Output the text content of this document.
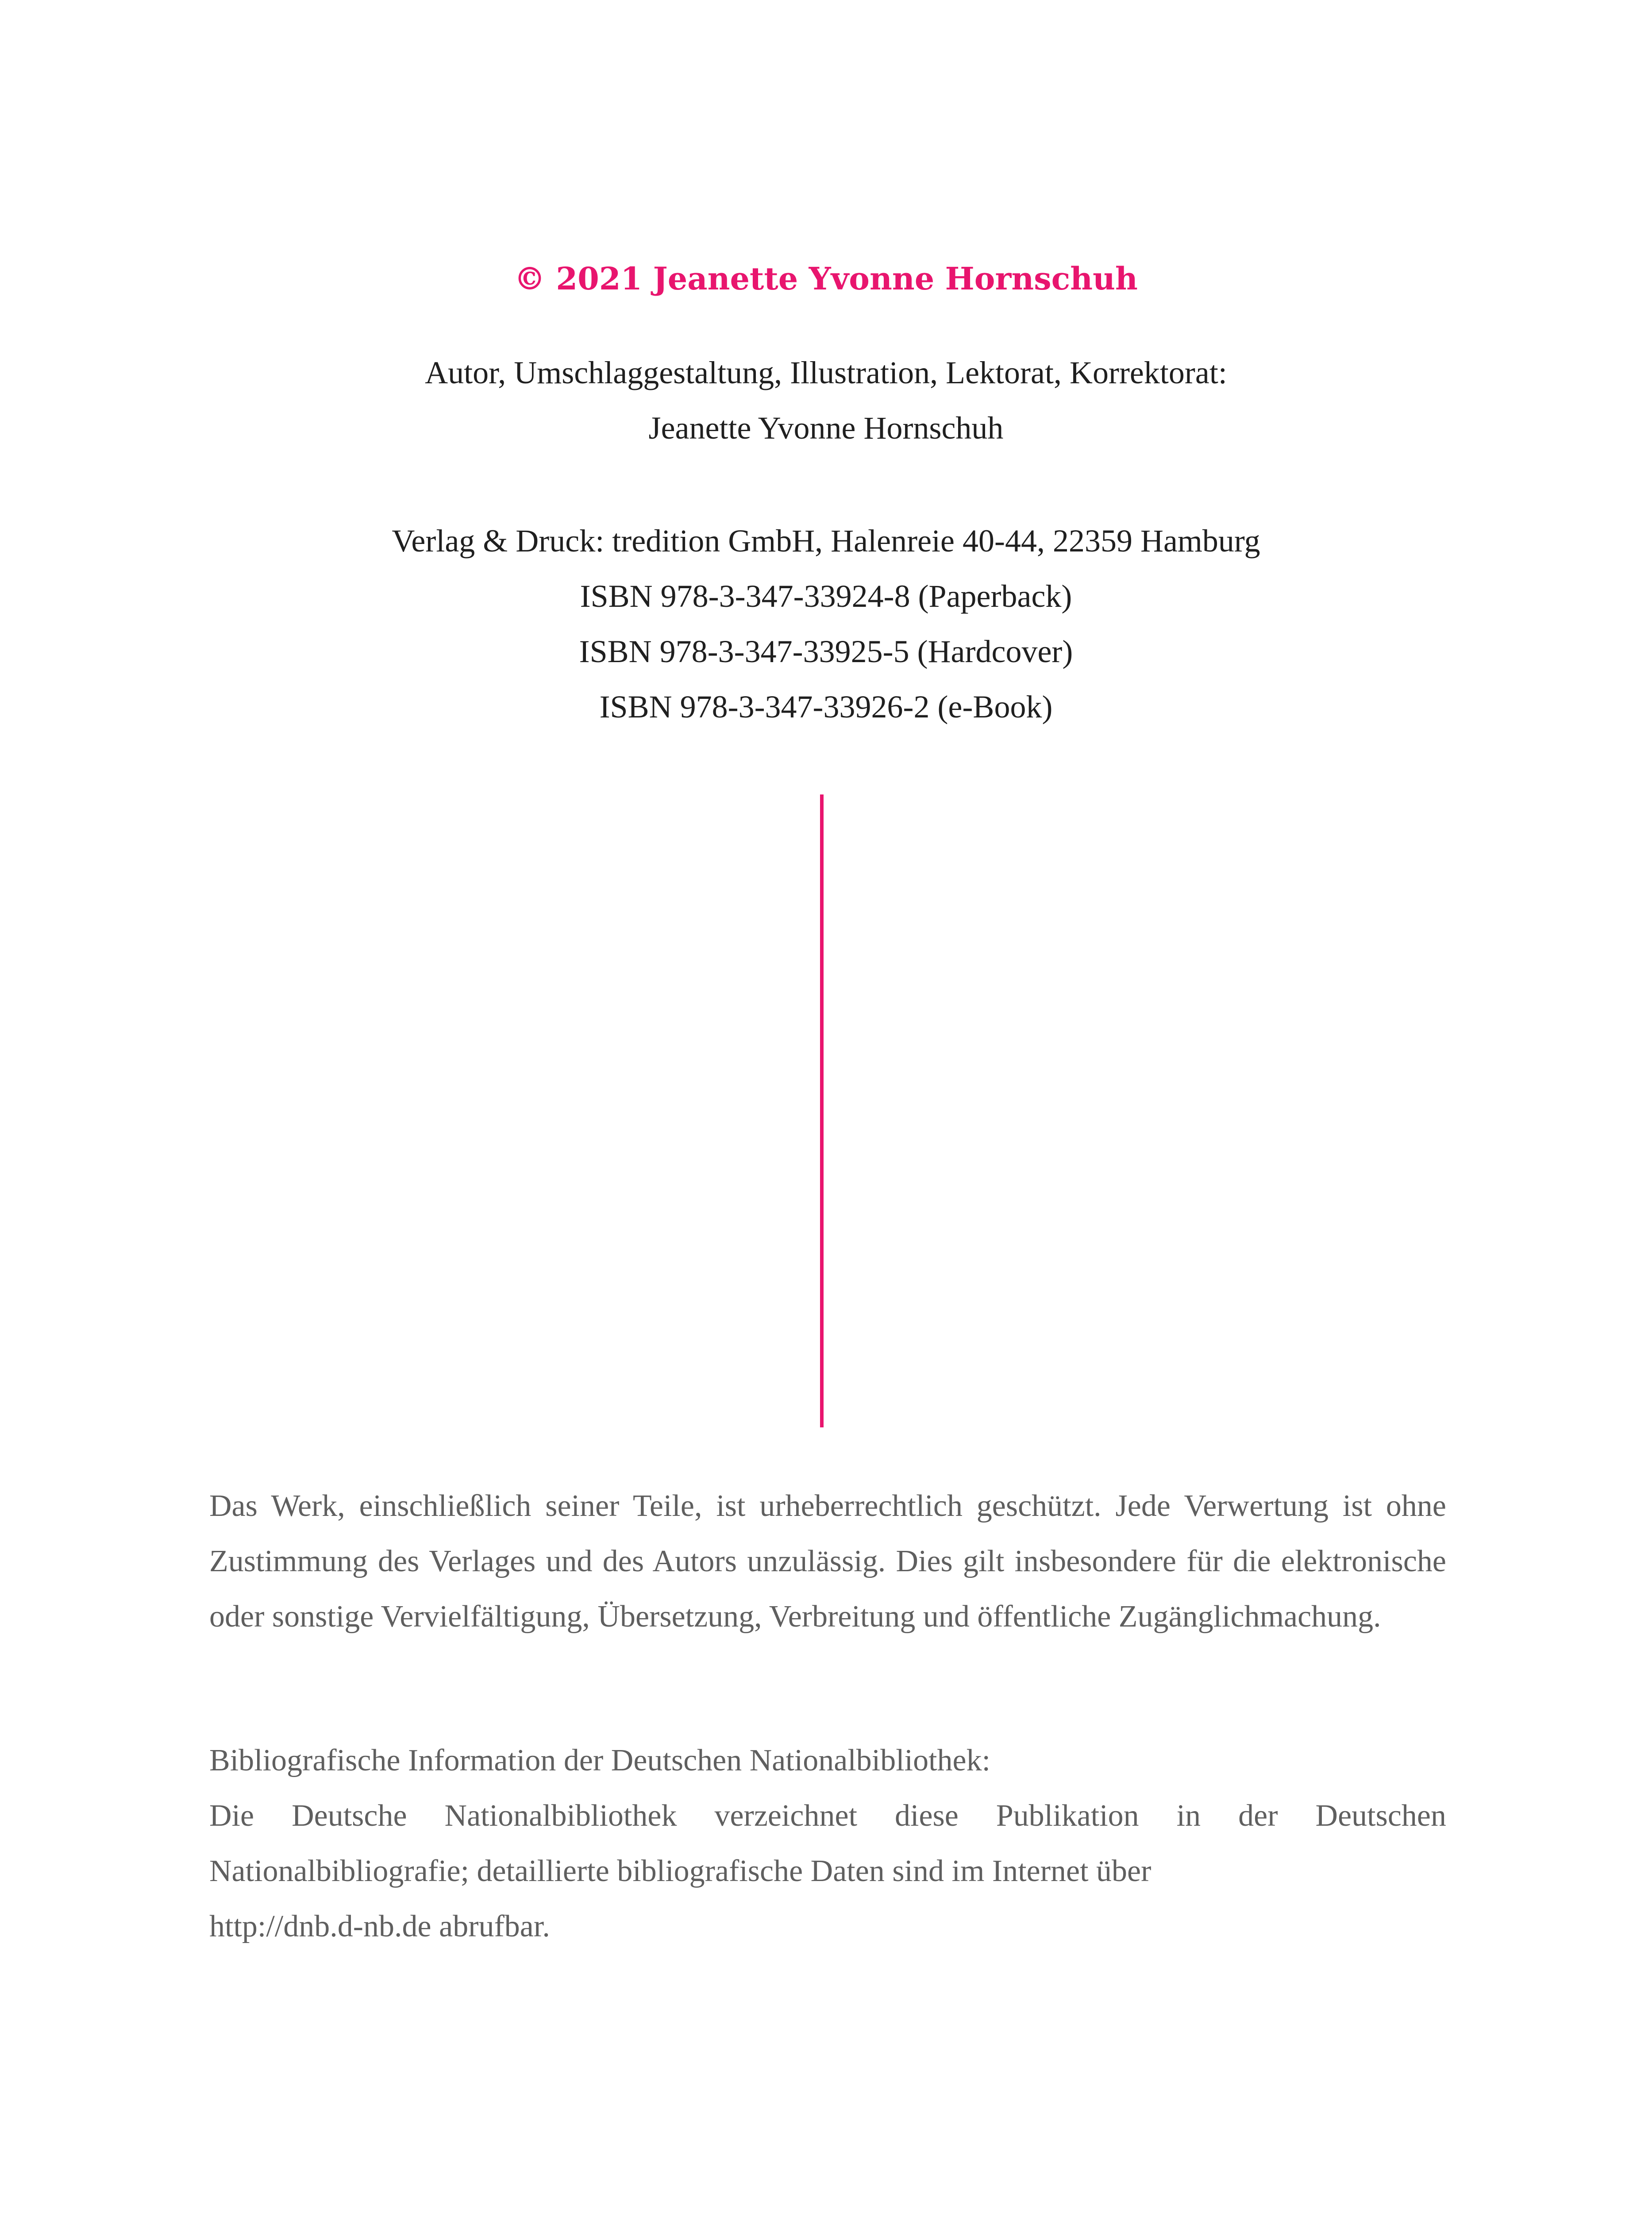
© 2021 Jeanette Yvonne Hornschuh
Autor, Umschlaggestaltung, Illustration, Lektorat, Korrektorat:
Jeanette Yvonne Hornschuh
Verlag & Druck: tredition GmbH, Halenreie 40-44, 22359 Hamburg
ISBN 978-3-347-33924-8 (Paperback)
ISBN 978-3-347-33925-5 (Hardcover)
ISBN 978-3-347-33926-2 (e-Book)

Das Werk, einschließlich seiner Teile, ist urheberrechtlich geschützt. Jede Verwertung ist ohne Zustimmung des Verlages und des Autors unzulässig. Dies gilt insbesondere für die elektronische oder sonstige Vervielfältigung, Übersetzung, Verbreitung und öffentliche Zugänglichmachung.

Bibliografische Information der Deutschen Nationalbibliothek:
Die Deutsche Nationalbibliothek verzeichnet diese Publikation in der Deutschen Nationalbibliografie; detaillierte bibliografische Daten sind im Internet über
http://dnb.d-nb.de abrufbar.
